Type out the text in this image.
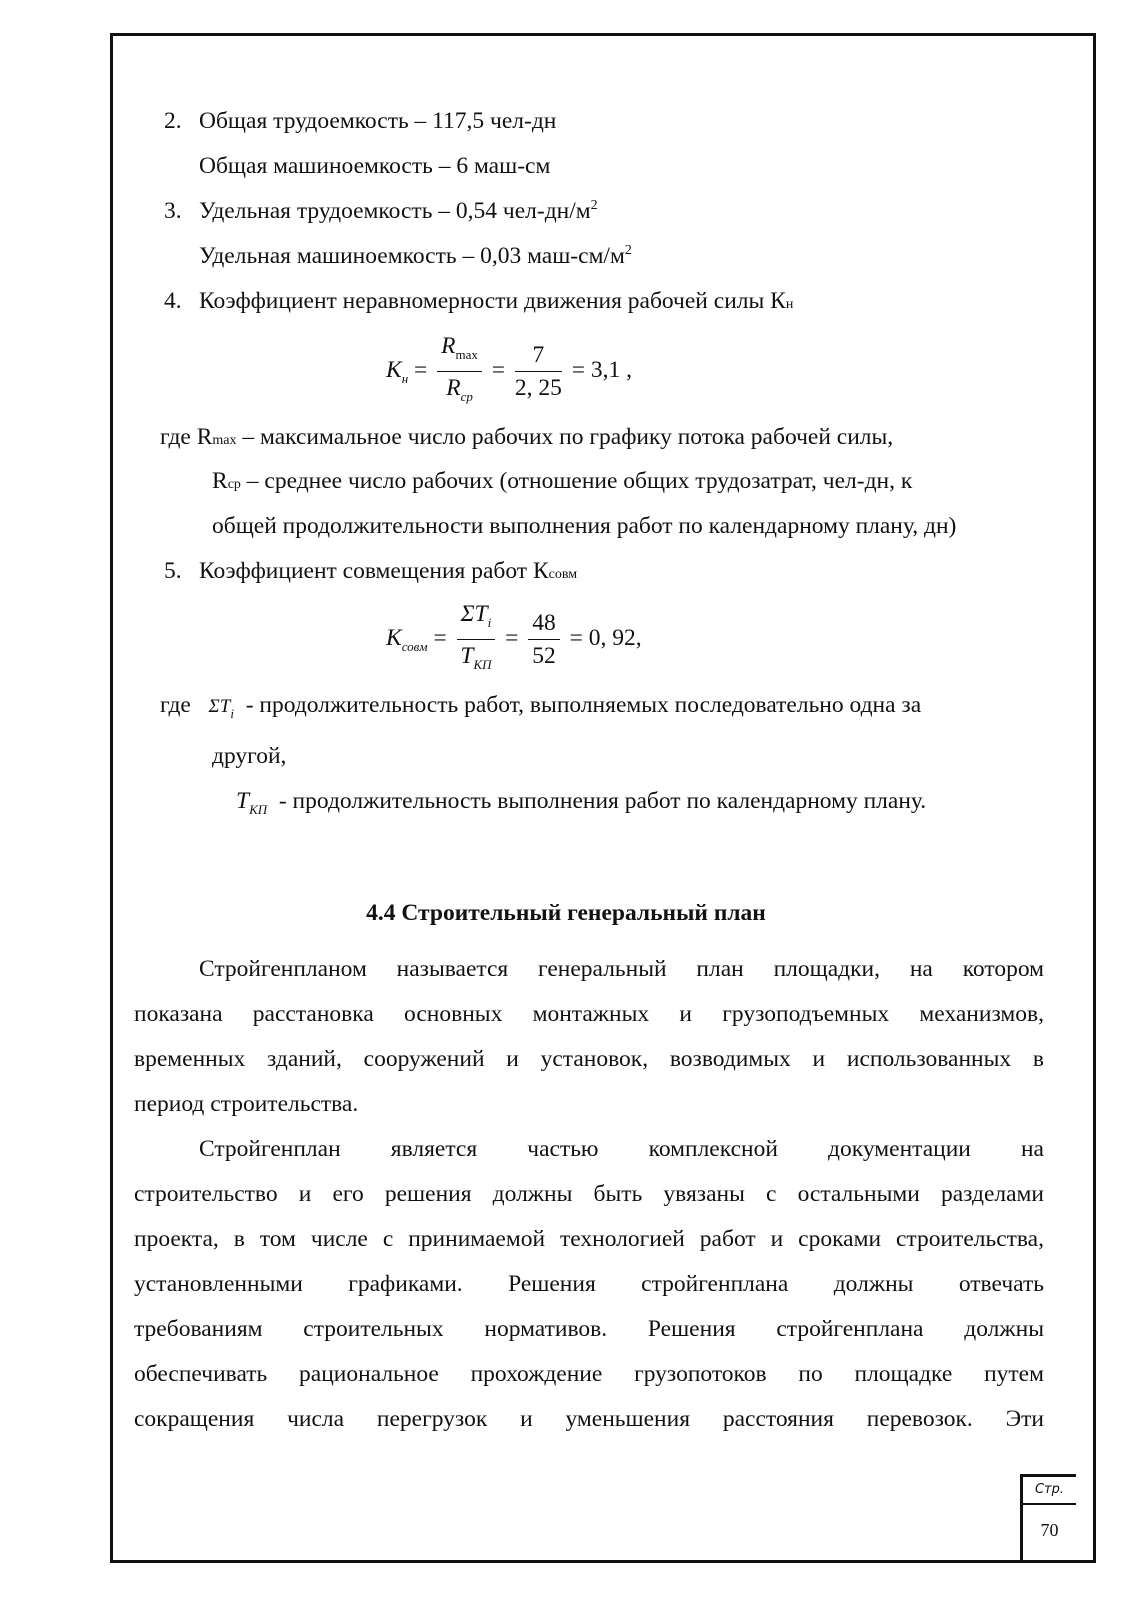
2. Общая трудоемкость – 117,5 чел-дн
Общая машиноемкость – 6 маш-см
3. Удельная трудоемкость – 0,54 чел-$дн/м^2$
Удельная машиноемкость – 0,03 маш-$см/м^2$
4. Коэффициент неравномерности движения рабочей силы Кн
$K_н$ =
$R_{max}$
$R_{ср}$
= $\frac{7}{2, 25} = 3,1$ ,
где Rmax – максимальное число рабочих по графику потока рабочей силы,
Rср – среднее число рабочих (отношение общих трудозатрат, чел-дн, к
общей продолжительности выполнения работ по календарному плану, дн)
5. Коэффициент совмещения работ Ксовм
$K_{совм}$ =
$\Sigma T_i$
$T_{КП}$
= $\frac{48}{52} = 0$, 92,
где $\Sigma T_i$ - продолжительность работ, выполняемых последовательно одна за
другой,
$T_{КП}$ - продолжительность выполнения работ по календарному плану.
4.4 Строительный генеральный план
Стройгенпланом называется генеральный план площадки, на котором
показана расстановка основных монтажных и грузоподъемных механизмов,
временных зданий, сооружений и установок, возводимых и использованных в
период строительства.
Стройгенплан является частью комплексной документации на
строительство и его решения должны быть увязаны с остальными разделами
проекта, в том числе с принимаемой технологией работ и сроками строительства,
установленными графиками. Решения стройгенплана должны отвечать
требованиям строительных нормативов. Решения стройгенплана должны
обеспечивать рациональное прохождение грузопотоков по площадке путем
сокращения числа перегрузок и уменьшения расстояния перевозок. Эти
Стр.
70
